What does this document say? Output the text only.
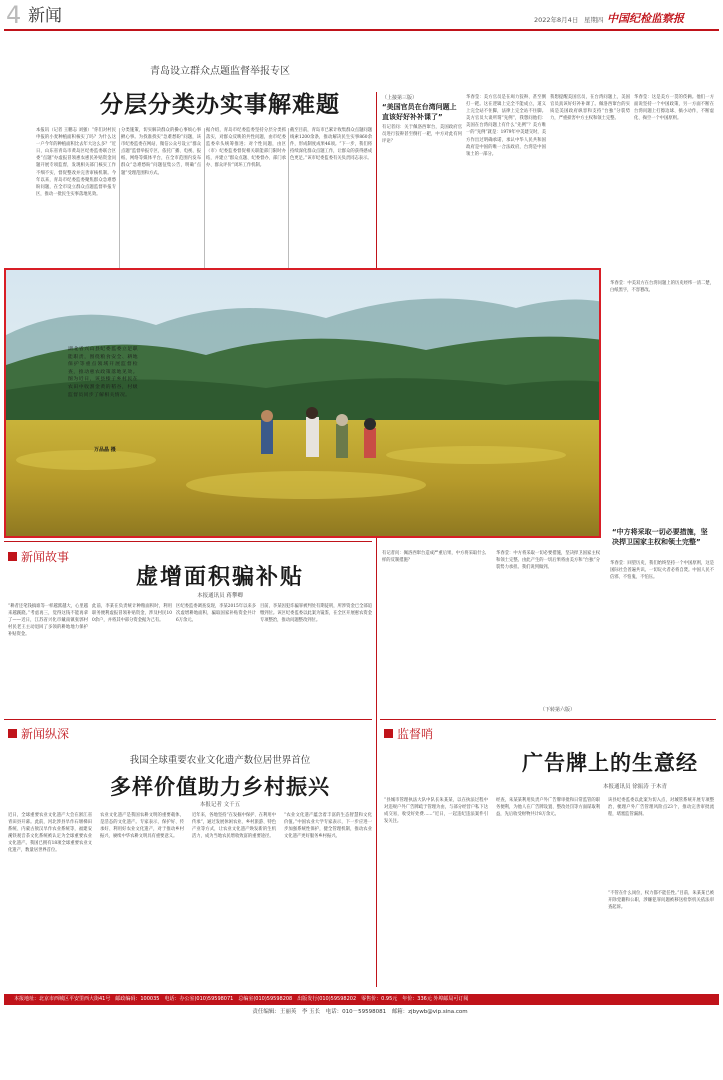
4 新闻	2022年8月4日 星期四 中国纪检监察报
青岛设立群众点题监督举报专区
分层分类办实事解难题
本报讯（记者 王鹏志 刘强）“你们对村民申报的小麦种植面积核实了吗？为什么这一户今年的种植面积比去年大这么多？”近日，山东省青岛市黄岛区纪委监委联合区委“点题”办虚报冒领惠农惠民补贴资金问题开展专项监督，发现相关部门核实工作不细不实，督促整改并完善审核机制。今年以来，青岛市纪委监委聚焦群众急难愁盼问题，在全市设立群众点题监督举报专区，推动一批民生实事落地见效。
分类施策，切实解决群众的操心事烦心事揪心事。为找准找实“急难愁盼”问题，该市纪委监委在网站、微信公众号设立“群众点题”监督举报专区，依托广播、电视、报纸、网络等媒体平台，在全市范围内发布群众“急难愁盼”问题征集公告，明确“点题”受理范围和方式。
据介绍，青岛市纪委监委坚持分层分类抓落实，对群众反映的共性问题，由市纪委监委牵头统筹推进；对个性问题，由区（市）纪委监委督促相关职能部门限时办结，并建立“群众点题、纪委督办、部门承办、群众评价”闭环工作机制。
截至目前，青岛市已累计收集群众点题问题线索1200余条，推动解决民生实事860余件，形成制度成果46项。“下一步，我们将持续深化群众点题工作，让群众的获得感成色更足。”该市纪委监委有关负责同志表示。
湖北省兴山县纪委监委立足职能职责，围绕粮食安全、耕地保护等重点领域开展监督检查，推动惠农政策落地见效。图为近日，该县榛子乡村民在农田中收割金黄的稻谷，村级监督员同步了解相关情况。
万品晶 摄
（上接第三版）
“美国官员在台湾问题上直该好好补补课了”
有记者问：关于佩洛西窜台，美国政府官员进行狡辩甚至倒打一耙，中方对此有何评论？
华春莹：美方官员是在竭力狡辩、甚至倒打一耙。这在逻辑上完全不能成立，道义上完全站不住脚，法律上完全站不住脚。美方官员大谈所谓“先例”，我想问他们：美国在台湾问题上有什么“先例”？美方唯一的“先例”就是：1979年中美建交时，美方作出过明确承诺，承认中华人民共和国政府是中国的唯一合法政府，台湾是中国领土的一部分。
我想提醒美国官员，在台湾问题上，美国官员真该好好补补课了。佩洛西窜台的实质是美国政府纵容和支持“台独”分裂势力，严重损害中方主权和领土完整。
华春莹：这是美方一贯的伎俩。他们一方面说坚持一个中国政策，另一方面不断在台湾问题上打擦边球、搞小动作，不断虚化、掏空一个中国原则。
华春莹：中美双方在台湾问题上的历史经纬一清二楚，白纸黑字，不容篡改。
“中方将采取一切必要措施，坚决捍卫国家主权和领土完整”
有记者问：佩洛西窜台造成严重后果，中方将采取什么样的反制措施？
华春莹：中方将采取一切必要措施，坚决捍卫国家主权和领土完整。由此产生的一切后果将由美方和“台独”分裂势力承担。我们说到做到。
华春莹：回望历史，我们始终坚持一个中国原则，这是国际社会普遍共识。一切玩火者必将自焚。中国人民不信邪、不怕鬼、不怕压。
（下转第六版）
新闻故事
虚增面积骗补贴
本报通讯员 蒋攀卿
“耕者还笔钱搞谁等一样越派越大，心里越来越蹊跷。”考虑再三，觉得这钱不能再拿了——近日，江苏省兴化市戴南镇张郭村村民老王主动退回了多领的耕地地力保护补贴资金。
此前，李某在负责统计种粮面积时，利用职务便利虚报冒领补贴资金，涉及村民100余户，并将其中部分资金据为己有。
区纪委监委调查发现，李某2015年以来多次虚增耕地面积，骗取国家补贴资金共计6万余元。
目前，李某因犯诈骗罪被判处有期徒刑，所涉资金已全部追缴到位。该区纪委监委以此案为镜鉴，在全区开展惠农资金专项整治，推动问题整改到位。
新闻纵深
我国全球重要农业文化遗产数位居世界首位
多样价值助力乡村振兴
本报记者 文千五
近日，全球重要农业文化遗产大会在浙江省青田县开幕。此前，河北涉县旱作石堰梯田系统、内蒙古敖汉旱作农业系统等，福建安溪铁观音茶文化系统被认定为全球重要农业文化遗产。我国已拥有18项全球重要农业文化遗产，数量居世界首位。
农业文化遗产是我国农耕文明的重要载体，是活态的文化遗产。专家表示，保护好、传承好、利用好农业文化遗产，对于推动乡村振兴、赓续中华农耕文明具有重要意义。
近年来，各地坚持“在发掘中保护、在利用中传承”，通过发展休闲农业、乡村旅游、特色产业等方式，让农业文化遗产焕发新的生机活力，成为当地农民增收致富的重要途径。
“农业文化遗产蕴含着丰富的生态智慧和文化价值。”中国农业大学专家表示，下一步应进一步加强系统性保护，健全管理机制，推动农业文化遗产更好服务乡村振兴。
监督哨
广告牌上的生意经
本报通讯员 徐振涛 于木青
“县城市管理执法大队中队长朱某某，以在执法过程中对违规户外广告牌疏于管理为由，与部分经营户私下达成交易，收受好处费……”近日，一起违纪违法案件引发关注。
经查，朱某某利用负责户外广告牌审批和日常监管的职务便利，为他人在广告牌设置、整改处罚等方面谋取利益，先后收受财物共计8万余元。
该县纪委监委以此案为切入点，对城管系统开展专项整治，梳理户外广告管理风险点23个，推动完善审批流程，堵塞监管漏洞。
“不管在什么岗位，权力都不能任性。”目前，朱某某已被开除党籍和公职，涉嫌犯罪问题被移送检察机关依法审查起诉。
本报地址：北京市西城区平安里西大街41号　邮政编码：100035　电话：办公室(010)59598071　总编室(010)59598208　出版发行(010)59598202　零售价：0.95元　年价：336元 外埠邮局可订阅
责任编辑：王丽英　李 玉长　电话：010－59598081　邮箱：zjbywb@vip.sina.com
